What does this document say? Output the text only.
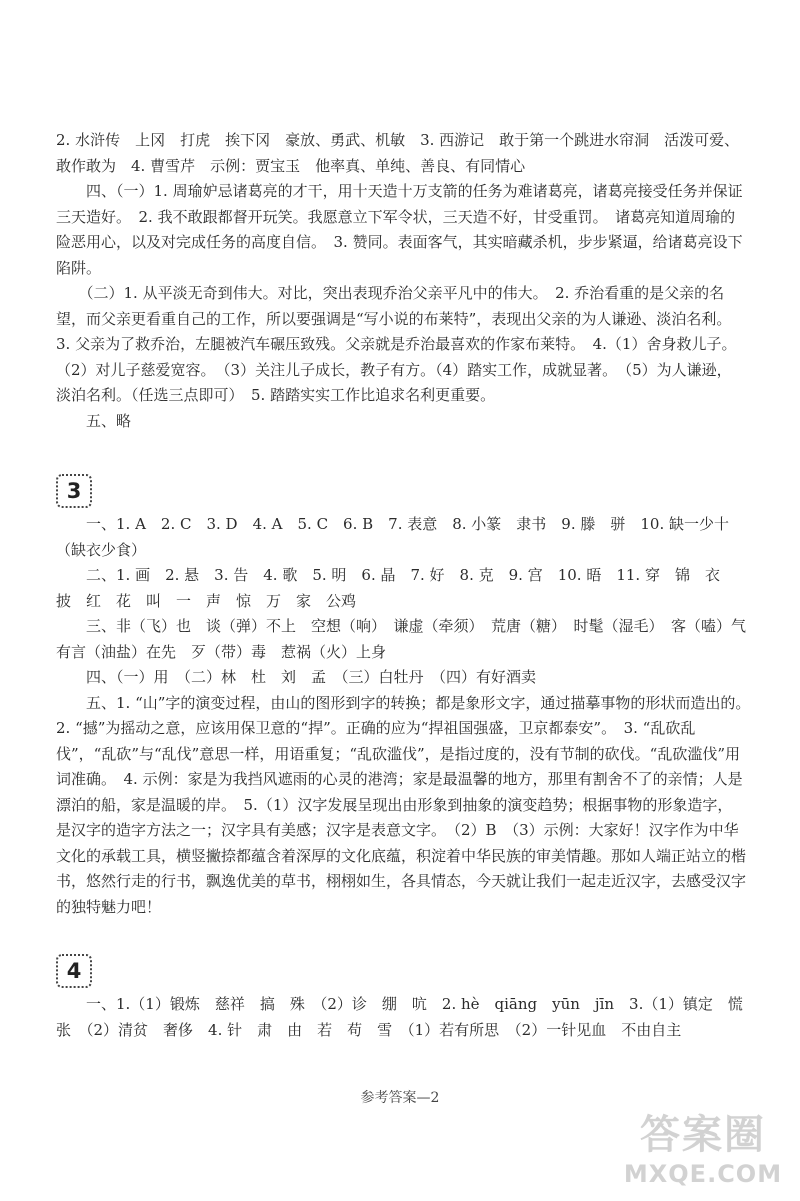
2. 水浒传　上冈　打虎　挨下冈　豪放、勇武、机敏　3. 西游记　敢于第一个跳进水帘洞　活泼可爱、敢作敢为　4. 曹雪芹　示例：贾宝玉　他率真、单纯、善良、有同情心
　　四、（一）1. 周瑜妒忌诸葛亮的才干，用十天造十万支箭的任务为难诸葛亮，诸葛亮接受任务并保证三天造好。　2. 我不敢跟都督开玩笑。我愿意立下军令状，三天造不好，甘受重罚。　诸葛亮知道周瑜的险恶用心，以及对完成任务的高度自信。　3. 赞同。表面客气，其实暗藏杀机，步步紧逼，给诸葛亮设下陷阱。
　　（二）1. 从平淡无奇到伟大。对比，突出表现乔治父亲平凡中的伟大。　2. 乔治看重的是父亲的名望，而父亲更看重自己的工作，所以要强调是“写小说的布莱特”，表现出父亲的为人谦逊、淡泊名利。　3. 父亲为了救乔治，左腿被汽车碾压致残。父亲就是乔治最喜欢的作家布莱特。　4.（1）舍身救儿子。　（2）对儿子慈爱宽容。　（3）关注儿子成长，教子有方。（4）踏实工作，成就显著。　（5）为人谦逊，淡泊名利。（任选三点即可）　5. 踏踏实实工作比追求名利更重要。
　　五、略

3

　　一、1. A　2. C　3. D　4. A　5. C　6. B　7. 表意　8. 小篆　隶书　9. 滕　骈　10. 缺一少十（缺衣少食）
　　二、1. 画　2. 悬　3. 告　4. 歌　5. 明　6. 晶　7. 好　8. 克　9. 宫　10. 晤　11. 穿　锦　衣　披　红　花　叫　一　声　惊　万　家　公鸡
　　三、非（飞）也　谈（弹）不上　空想（响）　谦虚（牵须）　荒唐（糖）　时髦（湿毛）　客（嗑）气　有言（油盐）在先　歹（带）毒　惹祸（火）上身
　　四、（一）用　（二）林　杜　刘　孟　（三）白牡丹　（四）有好酒卖
　　五、1. “山”字的演变过程，由山的图形到字的转换；都是象形文字，通过描摹事物的形状而造出的。　2. “撼”为摇动之意，应该用保卫意的“捍”。正确的应为“捍祖国强盛，卫京都泰安”。　3. “乱砍乱伐”，“乱砍”与“乱伐”意思一样，用语重复；“乱砍滥伐”，是指过度的，没有节制的砍伐。“乱砍滥伐”用词准确。　4. 示例：家是为我挡风遮雨的心灵的港湾；家是最温馨的地方，那里有割舍不了的亲情；人是漂泊的船，家是温暖的岸。　5.（1）汉字发展呈现出由形象到抽象的演变趋势；根据事物的形象造字，是汉字的造字方法之一；汉字具有美感；汉字是表意文字。　（2）B　（3）示例：大家好！汉字作为中华文化的承载工具，横竖撇捺都蕴含着深厚的文化底蕴，积淀着中华民族的审美情趣。那如人端正站立的楷书，悠然行走的行书，飘逸优美的草书，栩栩如生，各具情态，今天就让我们一起走近汉字，去感受汉字的独特魅力吧！

4

　　一、1.（1）锻炼　慈祥　搞　殊　（2）诊　绷　吭　2. hè　qiāng　yūn　jīn　3.（1）镇定　慌张　（2）清贫　奢侈　4. 针　肃　由　若　苟　雪　（1）若有所思　（2）一针见血　不由自主

参考答案—2
答案圈
MXQE.COM
